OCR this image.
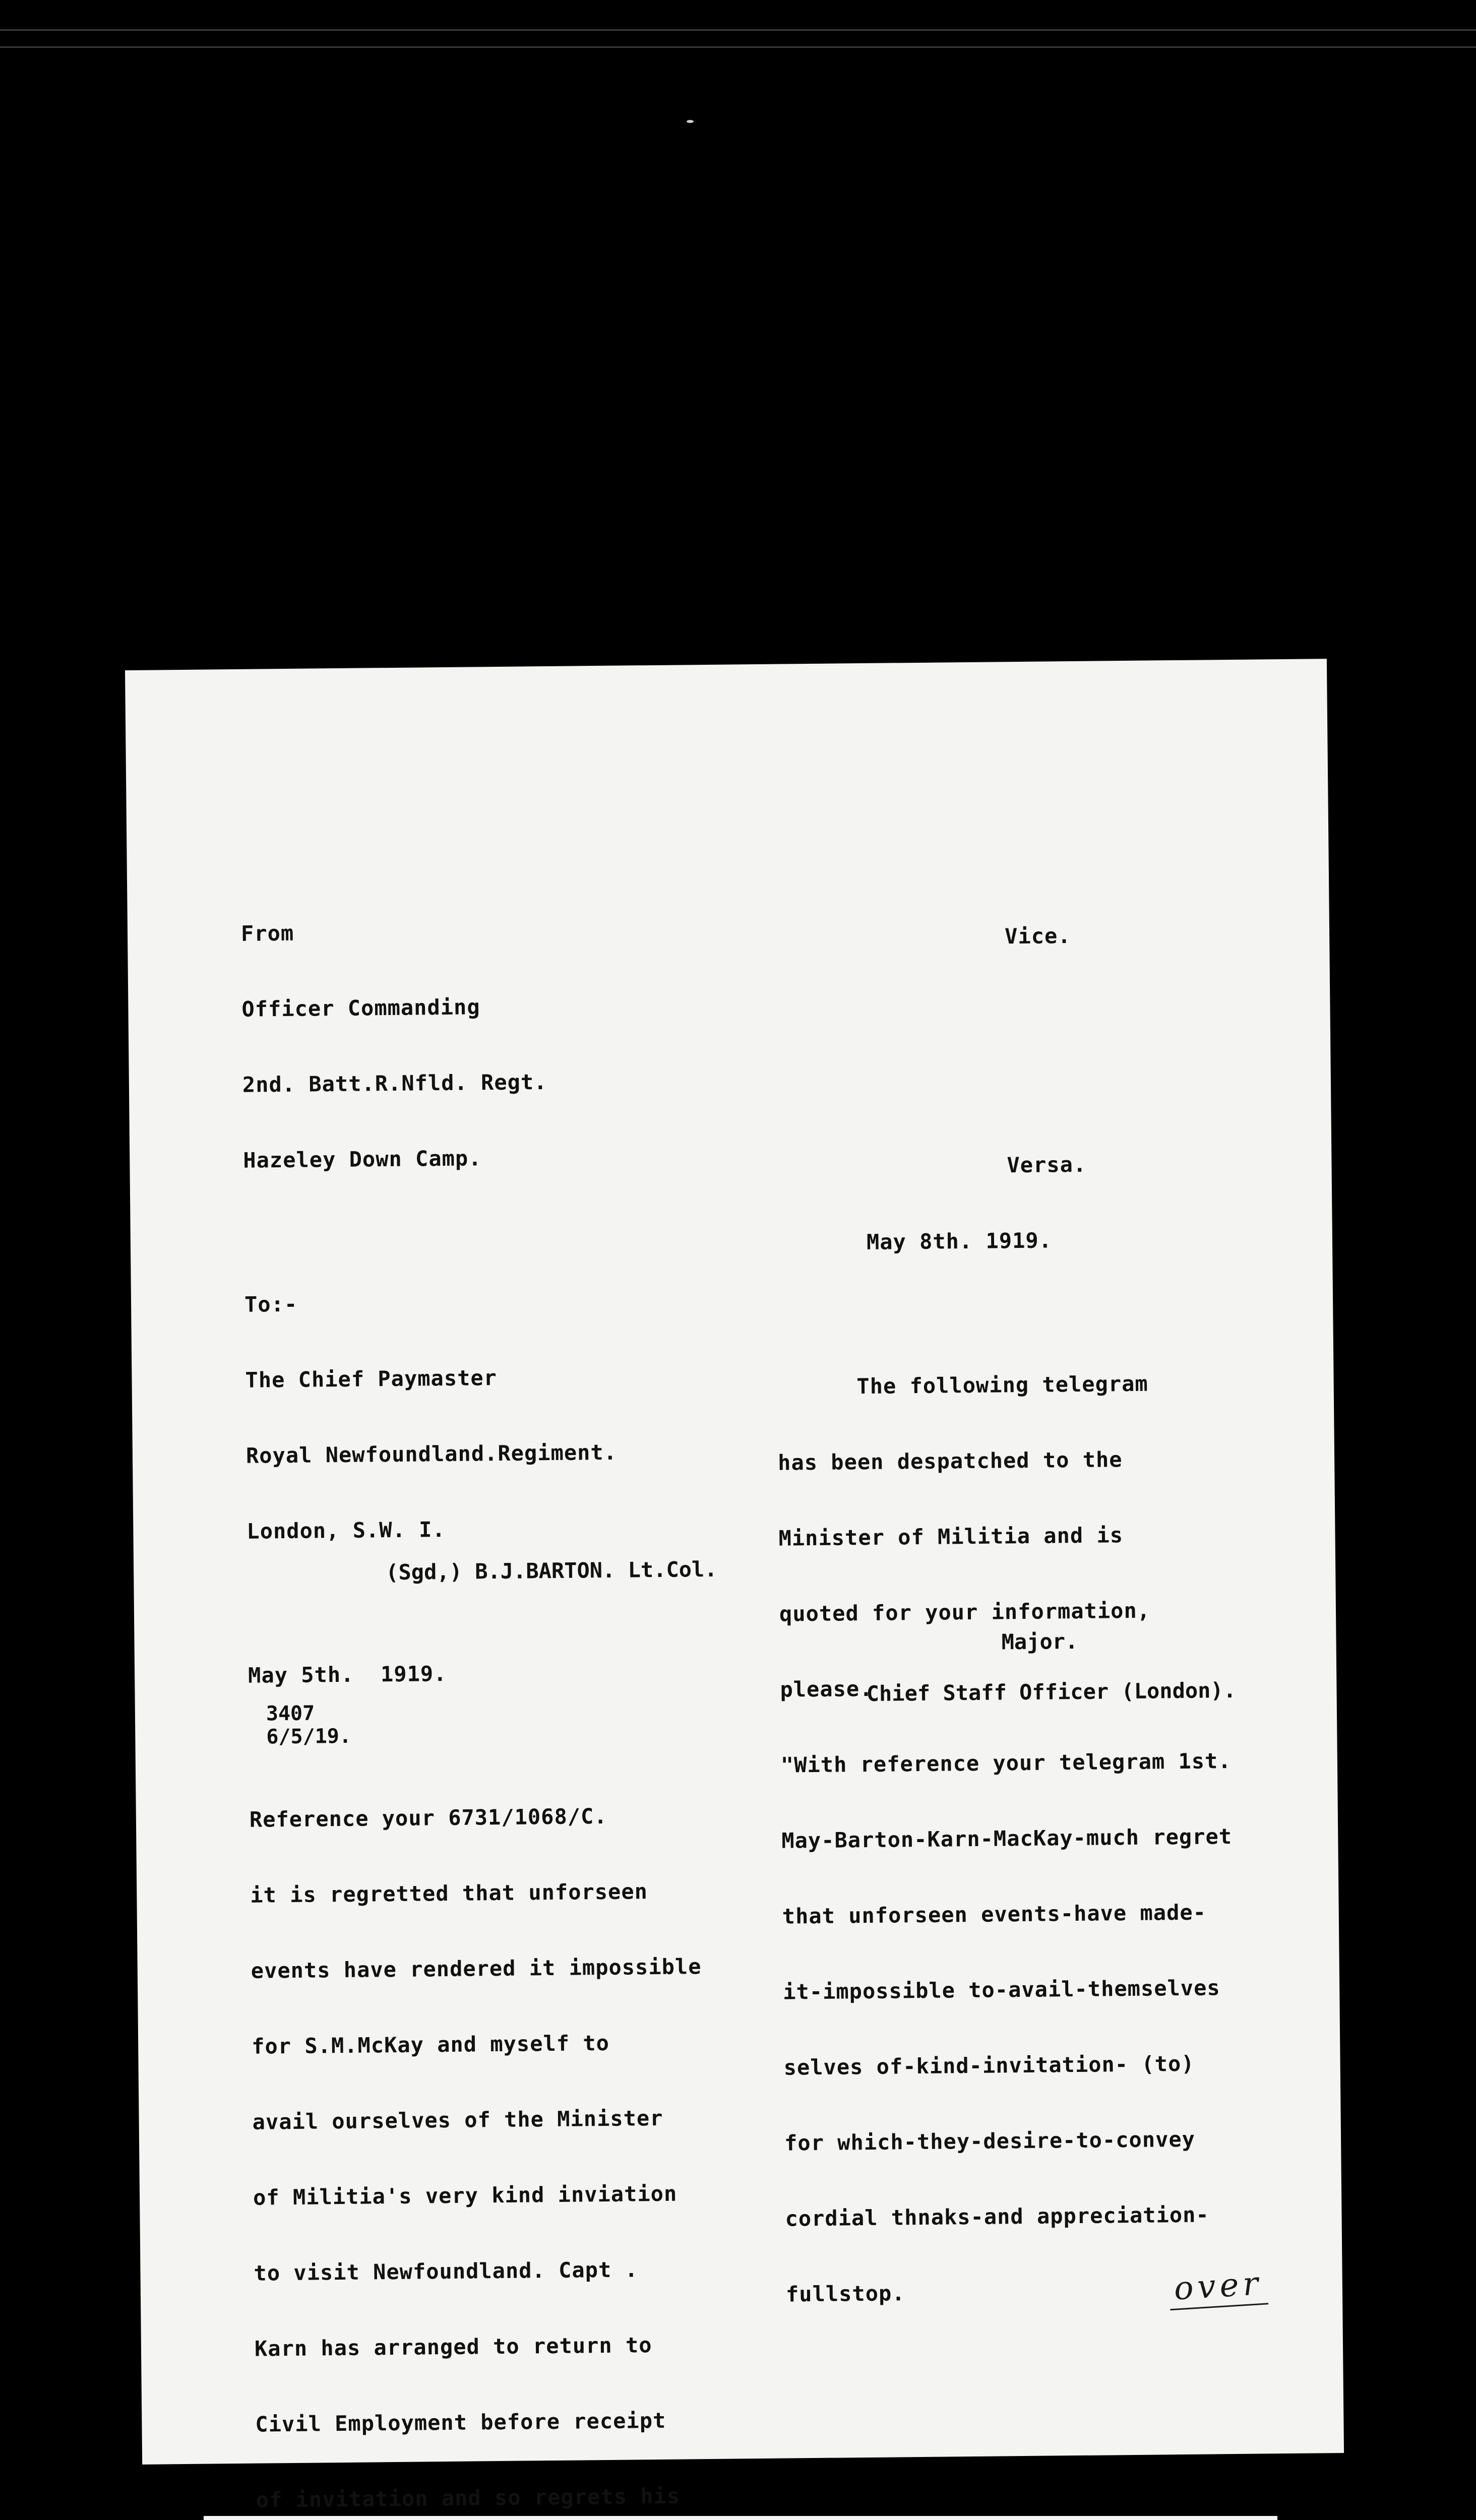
From

Officer Commanding

2nd. Batt.R.Nfld. Regt.

Hazeley Down Camp.

To:-

The Chief Paymaster

Royal Newfoundland.Regiment.

London, S.W. I.

May 5th.  1919.

Reference your 6731/1068/C.

it is regretted that unforseen

events have rendered it impossible

for S.M.McKay and myself to

avail ourselves of the Minister

of Militia's very kind inviation

to visit Newfoundland. Capt .

Karn has arranged to return to

Civil Employment before receipt

of invitation and so regrets his

Vice.

Versa.

May 8th. 1919.

The following telegram

has been despatched to the

Minister of Militia and is

quoted for your information,

please.

"With reference your telegram 1st.

May-Barton-Karn-MacKay-much regret

that unforseen events-have made-

it-impossible to-avail-themselves

selves of-kind-invitation- (to)

for which-they-desire-to-convey

cordial thnaks-and appreciation-

fullstop.

(Sgd,) B.J.BARTON. Lt.Col.

Major.

Chief Staff Officer (London).

3407
6/5/19.
over
